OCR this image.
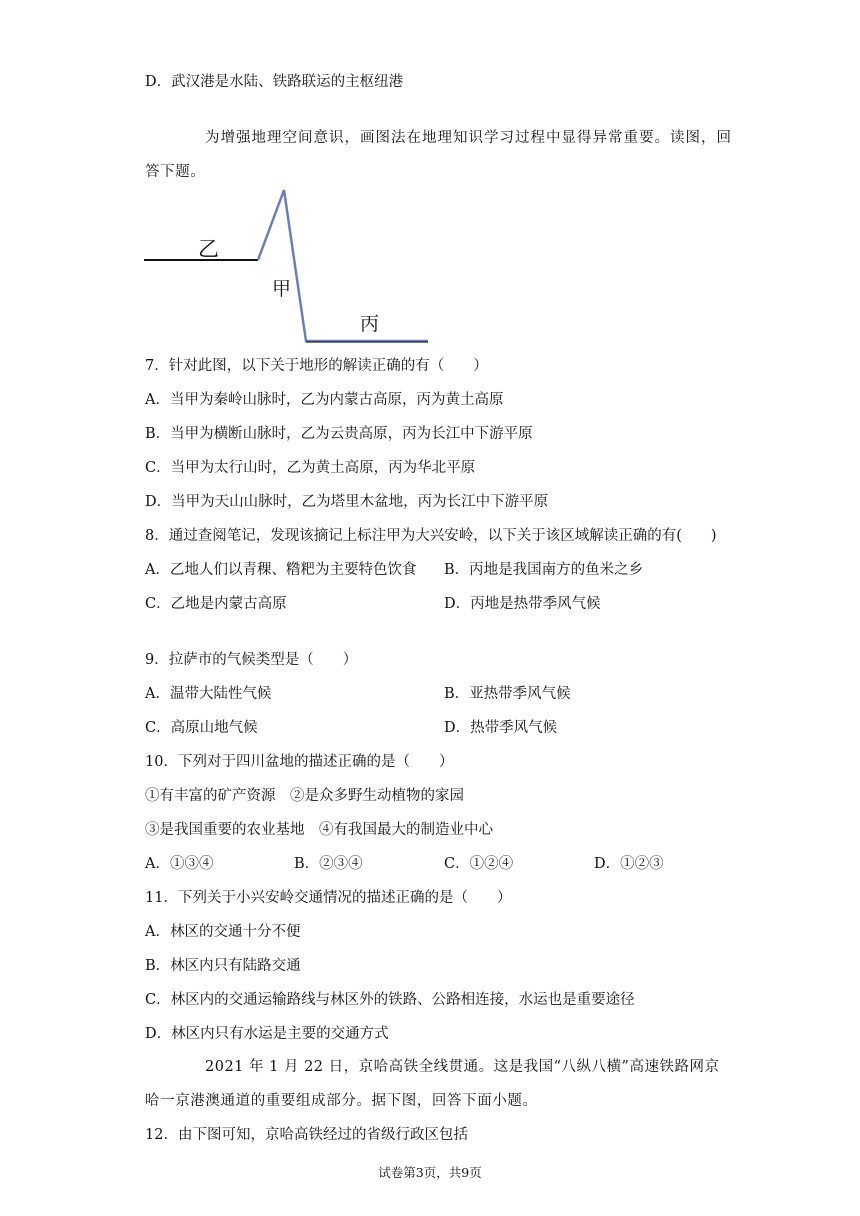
D．武汉港是水陆、铁路联运的主枢纽港
为增强地理空间意识，画图法在地理知识学习过程中显得异常重要。读图，回
答下题。
乙
甲
丙
7．针对此图，以下关于地形的解读正确的有（　　）
A．当甲为秦岭山脉时，乙为内蒙古高原，丙为黄土高原
B．当甲为横断山脉时，乙为云贵高原，丙为长江中下游平原
C．当甲为太行山时，乙为黄土高原，丙为华北平原
D．当甲为天山山脉时，乙为塔里木盆地，丙为长江中下游平原
8．通过查阅笔记，发现该摘记上标注甲为大兴安岭，以下关于该区域解读正确的有(　　)
A．乙地人们以青稞、糌粑为主要特色饮食 B．丙地是我国南方的鱼米之乡
C．乙地是内蒙古高原	D．丙地是热带季风气候
9．拉萨市的气候类型是（　　）
A．温带大陆性气候	B．亚热带季风气候
C．高原山地气候	D．热带季风气候
10．下列对于四川盆地的描述正确的是（　　）
①有丰富的矿产资源　②是众多野生动植物的家园
③是我国重要的农业基地　④有我国最大的制造业中心
A．①③④	B．②③④	C．①②④	D．①②③
11．下列关于小兴安岭交通情况的描述正确的是（　　）
A．林区的交通十分不便
B．林区内只有陆路交通
C．林区内的交通运输路线与林区外的铁路、公路相连接，水运也是重要途径
D．林区内只有水运是主要的交通方式
2021 年 1 月 22 日，京哈高铁全线贯通。这是我国“八纵八横”高速铁路网京
哈一京港澳通道的重要组成部分。据下图，回答下面小题。
12．由下图可知，京哈高铁经过的省级行政区包括
试卷第3页，共9页
